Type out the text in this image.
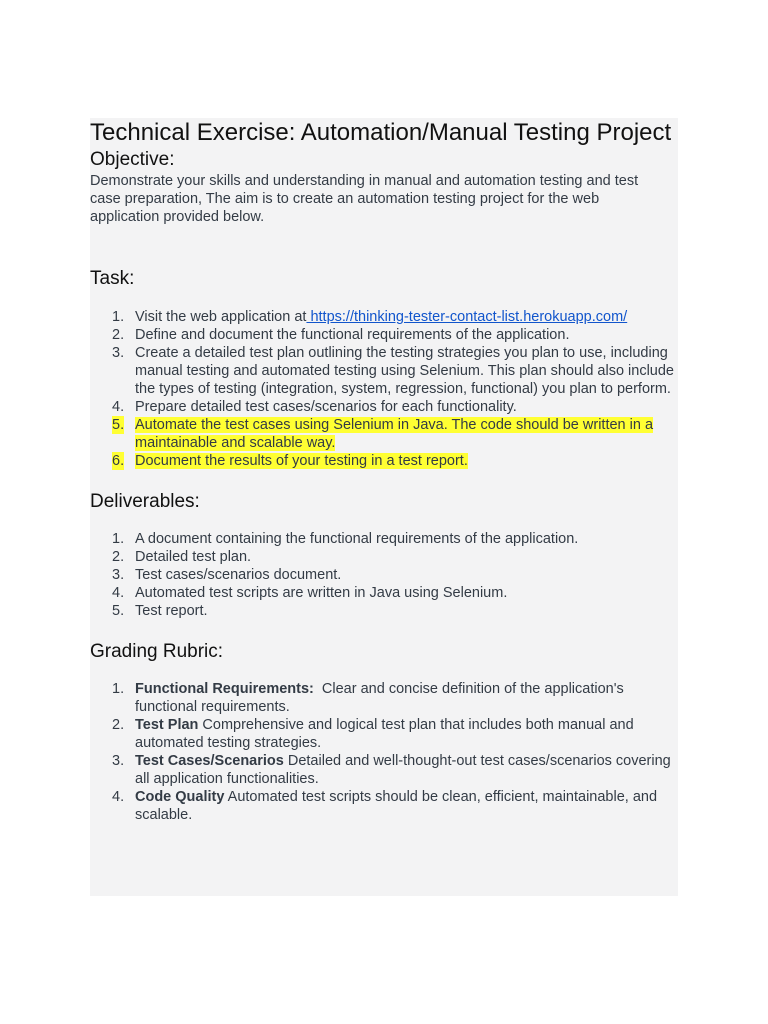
Technical Exercise: Automation/Manual Testing Project
Objective:

Demonstrate your skills and understanding in manual and automation testing and test case preparation, The aim is to create an automation testing project for the web application provided below.

Task:
1. Visit the web application at https://thinking-tester-contact-list.herokuapp.com/
2. Define and document the functional requirements of the application.
3. Create a detailed test plan outlining the testing strategies you plan to use, including manual testing and automated testing using Selenium. This plan should also include the types of testing (integration, system, regression, functional) you plan to perform.
4. Prepare detailed test cases/scenarios for each functionality.
5. Automate the test cases using Selenium in Java. The code should be written in a maintainable and scalable way.
6. Document the results of your testing in a test report.
Deliverables:
1. A document containing the functional requirements of the application.
2. Detailed test plan.
3. Test cases/scenarios document.
4. Automated test scripts are written in Java using Selenium.
5. Test report.
Grading Rubric:
1. Functional Requirements:  Clear and concise definition of the application's functional requirements.
2. Test Plan Comprehensive and logical test plan that includes both manual and automated testing strategies.
3. Test Cases/Scenarios Detailed and well-thought-out test cases/scenarios covering all application functionalities.
4. Code Quality Automated test scripts should be clean, efficient, maintainable, and scalable.
